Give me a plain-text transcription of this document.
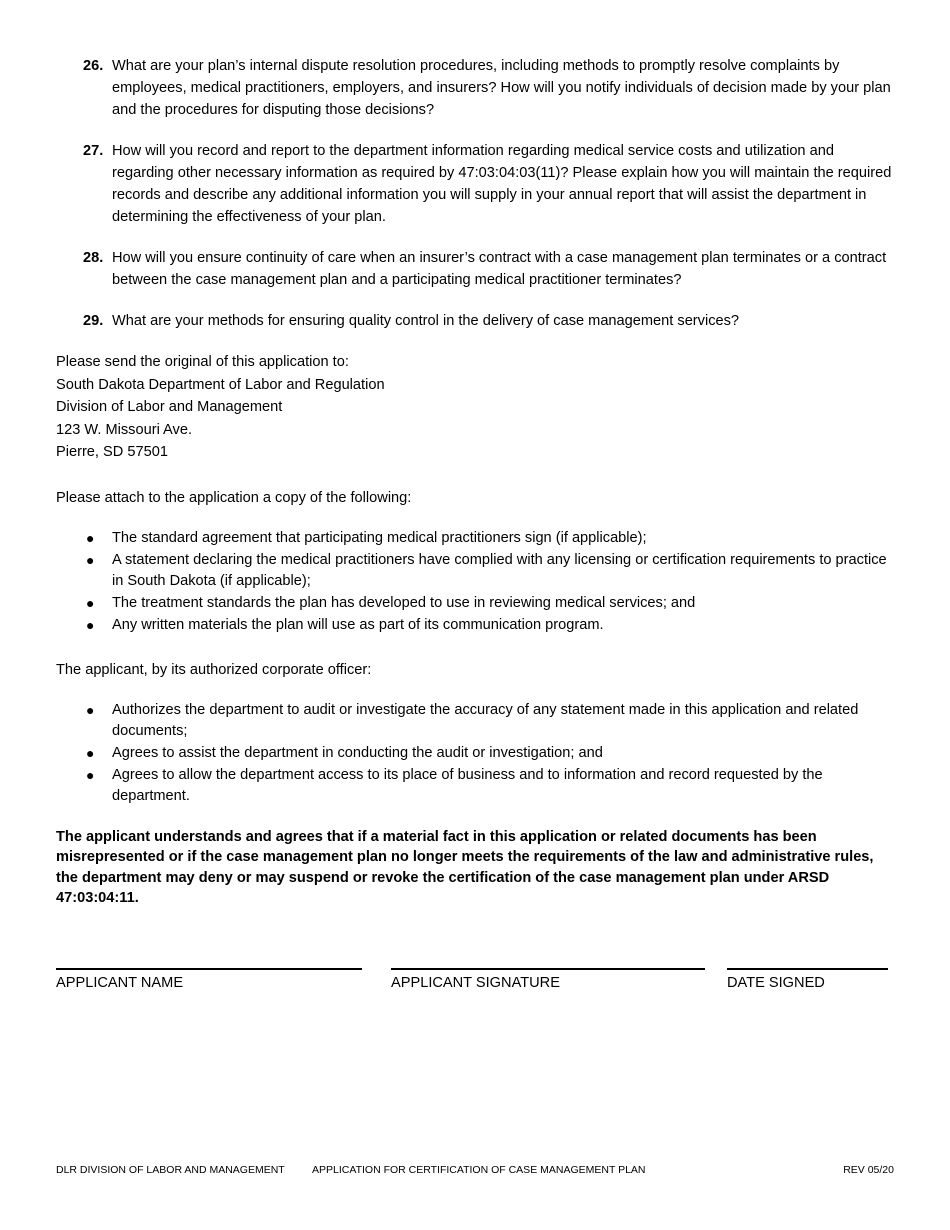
26. What are your plan’s internal dispute resolution procedures, including methods to promptly resolve complaints by employees, medical practitioners, employers, and insurers? How will you notify individuals of decision made by your plan and the procedures for disputing those decisions?
27. How will you record and report to the department information regarding medical service costs and utilization and regarding other necessary information as required by 47:03:04:03(11)? Please explain how you will maintain the required records and describe any additional information you will supply in your annual report that will assist the department in determining the effectiveness of your plan.
28. How will you ensure continuity of care when an insurer’s contract with a case management plan terminates or a contract between the case management plan and a participating medical practitioner terminates?
29. What are your methods for ensuring quality control in the delivery of case management services?
Please send the original of this application to:
South Dakota Department of Labor and Regulation
Division of Labor and Management
123 W. Missouri Ave.
Pierre, SD 57501
Please attach to the application a copy of the following:
● The standard agreement that participating medical practitioners sign (if applicable);
● A statement declaring the medical practitioners have complied with any licensing or certification requirements to practice in South Dakota (if applicable);
● The treatment standards the plan has developed to use in reviewing medical services; and
● Any written materials the plan will use as part of its communication program.
The applicant, by its authorized corporate officer:
● Authorizes the department to audit or investigate the accuracy of any statement made in this application and related documents;
● Agrees to assist the department in conducting the audit or investigation; and
● Agrees to allow the department access to its place of business and to information and record requested by the department.
The applicant understands and agrees that if a material fact in this application or related documents has been misrepresented or if the case management plan no longer meets the requirements of the law and administrative rules, the department may deny or may suspend or revoke the certification of the case management plan under ARSD 47:03:04:11.
APPLICANT NAME	APPLICANT SIGNATURE	DATE SIGNED
DLR DIVISION OF LABOR AND MANAGEMENT	APPLICATION FOR CERTIFICATION OF CASE MANAGEMENT PLAN	REV 05/20
